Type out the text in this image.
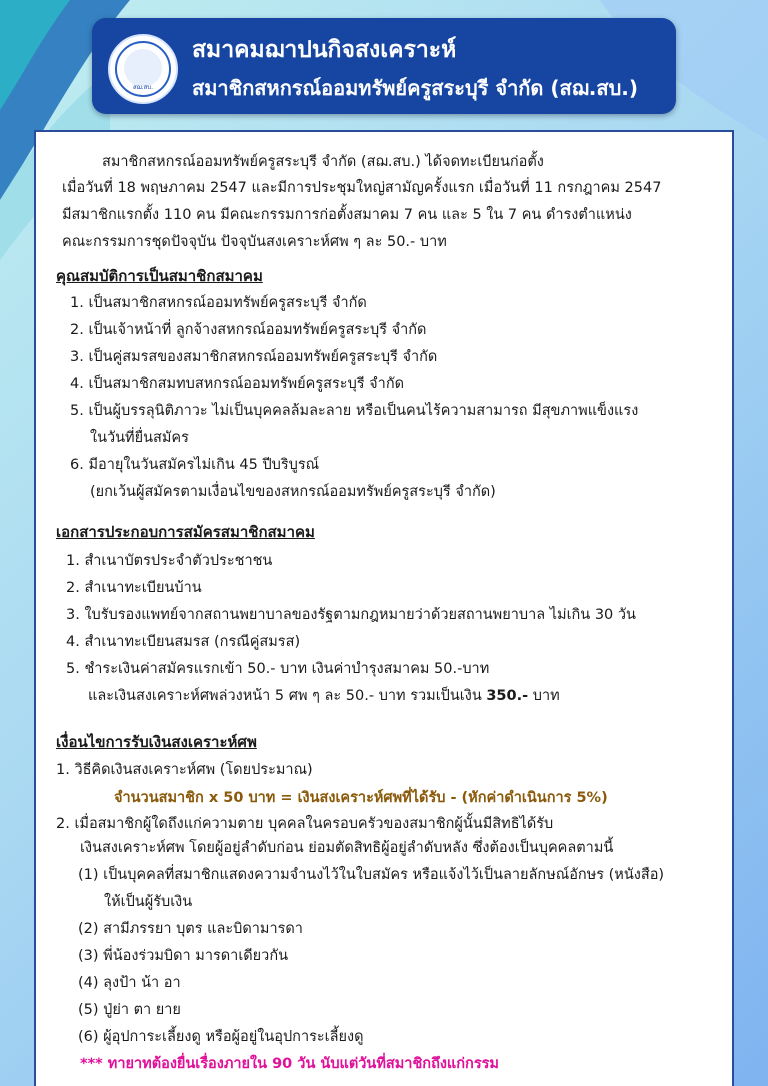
สฌ.สบ.
สมาคมฌาปนกิจสงเคราะห์
สมาชิกสหกรณ์ออมทรัพย์ครูสระบุรี จำกัด (สฌ.สบ.)
สมาชิกสหกรณ์ออมทรัพย์ครูสระบุรี จำกัด (สฌ.สบ.) ได้จดทะเบียนก่อตั้ง
เมื่อวันที่ 18 พฤษภาคม 2547 และมีการประชุมใหญ่สามัญครั้งแรก เมื่อวันที่ 11 กรกฎาคม 2547
มีสมาชิกแรกตั้ง 110 คน มีคณะกรรมการก่อตั้งสมาคม 7 คน และ 5 ใน 7 คน ดำรงตำแหน่ง
คณะกรรมการชุดปัจจุบัน ปัจจุบันสงเคราะห์ศพ ๆ ละ 50.- บาท
คุณสมบัติการเป็นสมาชิกสมาคม
1. เป็นสมาชิกสหกรณ์ออมทรัพย์ครูสระบุรี จำกัด
2. เป็นเจ้าหน้าที่ ลูกจ้างสหกรณ์ออมทรัพย์ครูสระบุรี จำกัด
3. เป็นคู่สมรสของสมาชิกสหกรณ์ออมทรัพย์ครูสระบุรี จำกัด
4. เป็นสมาชิกสมทบสหกรณ์ออมทรัพย์ครูสระบุรี จำกัด
5. เป็นผู้บรรลุนิติภาวะ ไม่เป็นบุคคลล้มละลาย หรือเป็นคนไร้ความสามารถ มีสุขภาพแข็งแรง
ในวันที่ยื่นสมัคร
6. มีอายุในวันสมัครไม่เกิน 45 ปีบริบูรณ์
(ยกเว้นผู้สมัครตามเงื่อนไขของสหกรณ์ออมทรัพย์ครูสระบุรี จำกัด)
เอกสารประกอบการสมัครสมาชิกสมาคม
1. สำเนาบัตรประจำตัวประชาชน
2. สำเนาทะเบียนบ้าน
3. ใบรับรองแพทย์จากสถานพยาบาลของรัฐตามกฎหมายว่าด้วยสถานพยาบาล ไม่เกิน 30 วัน
4. สำเนาทะเบียนสมรส (กรณีคู่สมรส)
5. ชำระเงินค่าสมัครแรกเข้า 50.- บาท เงินค่าบำรุงสมาคม 50.-บาท
และเงินสงเคราะห์ศพล่วงหน้า 5 ศพ ๆ ละ 50.- บาท รวมเป็นเงิน 350.- บาท
เงื่อนไขการรับเงินสงเคราะห์ศพ
1. วิธีคิดเงินสงเคราะห์ศพ (โดยประมาณ)
จำนวนสมาชิก x 50 บาท = เงินสงเคราะห์ศพที่ได้รับ - (หักค่าดำเนินการ 5%)
2. เมื่อสมาชิกผู้ใดถึงแก่ความตาย บุคคลในครอบครัวของสมาชิกผู้นั้นมีสิทธิได้รับ
เงินสงเคราะห์ศพ โดยผู้อยู่ลำดับก่อน ย่อมตัดสิทธิผู้อยู่ลำดับหลัง ซึ่งต้องเป็นบุคคลตามนี้
(1) เป็นบุคคลที่สมาชิกแสดงความจำนงไว้ในใบสมัคร หรือแจ้งไว้เป็นลายลักษณ์อักษร (หนังสือ)
ให้เป็นผู้รับเงิน
(2) สามีภรรยา บุตร และบิดามารดา
(3) พี่น้องร่วมบิดา มารดาเดียวกัน
(4) ลุงป้า น้า อา
(5) ปู่ย่า ตา ยาย
(6) ผู้อุปการะเลี้ยงดู หรือผู้อยู่ในอุปการะเลี้ยงดู
*** ทายาทต้องยื่นเรื่องภายใน 90 วัน นับแต่วันที่สมาชิกถึงแก่กรรม
